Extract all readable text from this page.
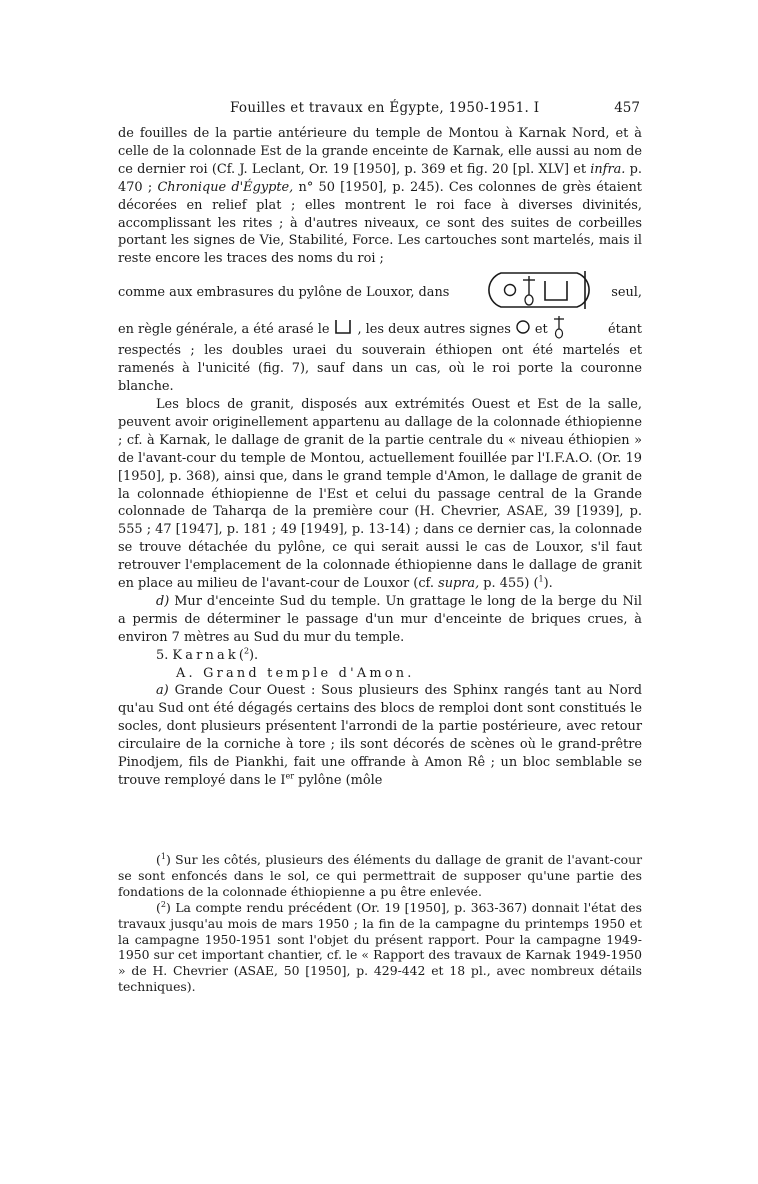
Fouilles et travaux en Égypte, 1950-1951. I	457

de fouilles de la partie antérieure du temple de Montou à Karnak Nord, et à celle de la colonnade Est de la grande enceinte de Karnak, elle aussi au nom de ce dernier roi (Cf. J. Leclant, Or. 19 [1950], p. 369 et fig. 20 [pl. XLV] et infra. p. 470 ; Chronique d'Égypte, n° 50 [1950], p. 245). Ces colonnes de grès étaient décorées en relief plat ; elles montrent le roi face à diverses divinités, accomplissant les rites ; à d'autres niveaux, ce sont des suites de corbeilles portant les signes de Vie, Stabilité, Force. Les cartouches sont martelés, mais il reste encore les traces des noms du roi ;

comme aux embrasures du pylône de Louxor, dans	seul,
en règle générale, a été arasé le , les deux autres signes et	étant

respectés ; les doubles uraei du souverain éthiopen ont été martelés et ramenés à l'unicité (fig. 7), sauf dans un cas, où le roi porte la couronne blanche.

Les blocs de granit, disposés aux extrémités Ouest et Est de la salle, peuvent avoir originellement appartenu au dallage de la colonnade éthiopienne ; cf. à Karnak, le dallage de granit de la partie centrale du « niveau éthiopien » de l'avant-cour du temple de Montou, actuellement fouillée par l'I.F.A.O. (Or. 19 [1950], p. 368), ainsi que, dans le grand temple d'Amon, le dallage de granit de la colonnade éthiopienne de l'Est et celui du passage central de la Grande colonnade de Taharqa de la première cour (H. Chevrier, ASAE, 39 [1939], p. 555 ; 47 [1947], p. 181 ; 49 [1949], p. 13-14) ; dans ce dernier cas, la colonnade se trouve détachée du pylône, ce qui serait aussi le cas de Louxor, s'il faut retrouver l'emplacement de la colonnade éthiopienne dans le dallage de granit en place au milieu de l'avant-cour de Louxor (cf. supra, p. 455) ($^1$).

d) Mur d'enceinte Sud du temple. Un grattage le long de la berge du Nil a permis de déterminer le passage d'un mur d'enceinte de briques crues, à environ 7 mètres au Sud du mur du temple.

5. Karnak($^2$).

A. Grand temple d'Amon.

a) Grande Cour Ouest : Sous plusieurs des Sphinx rangés tant au Nord qu'au Sud ont été dégagés certains des blocs de remploi dont sont constitués le socles, dont plusieurs présentent l'arrondi de la partie postérieure, avec retour circulaire de la corniche à tore ; ils sont décorés de scènes où le grand-prêtre Pinodjem, fils de Piankhi, fait une offrande à Amon Rê ; un bloc semblable se trouve remployé dans le Ier pylône (môle

($^1$) Sur les côtés, plusieurs des éléments du dallage de granit de l'avant-cour se sont enfoncés dans le sol, ce qui permettrait de supposer qu'une partie des fondations de la colonnade éthiopienne a pu être enlevée.

($^2$) La compte rendu précédent (Or. 19 [1950], p. 363-367) donnait l'état des travaux jusqu'au mois de mars 1950 ; la fin de la campagne du printemps 1950 et la campagne 1950-1951 sont l'objet du présent rapport. Pour la campagne 1949-1950 sur cet important chantier, cf. le « Rapport des travaux de Karnak 1949-1950 » de H. Chevrier (ASAE, 50 [1950], p. 429-442 et 18 pl., avec nombreux détails techniques).
